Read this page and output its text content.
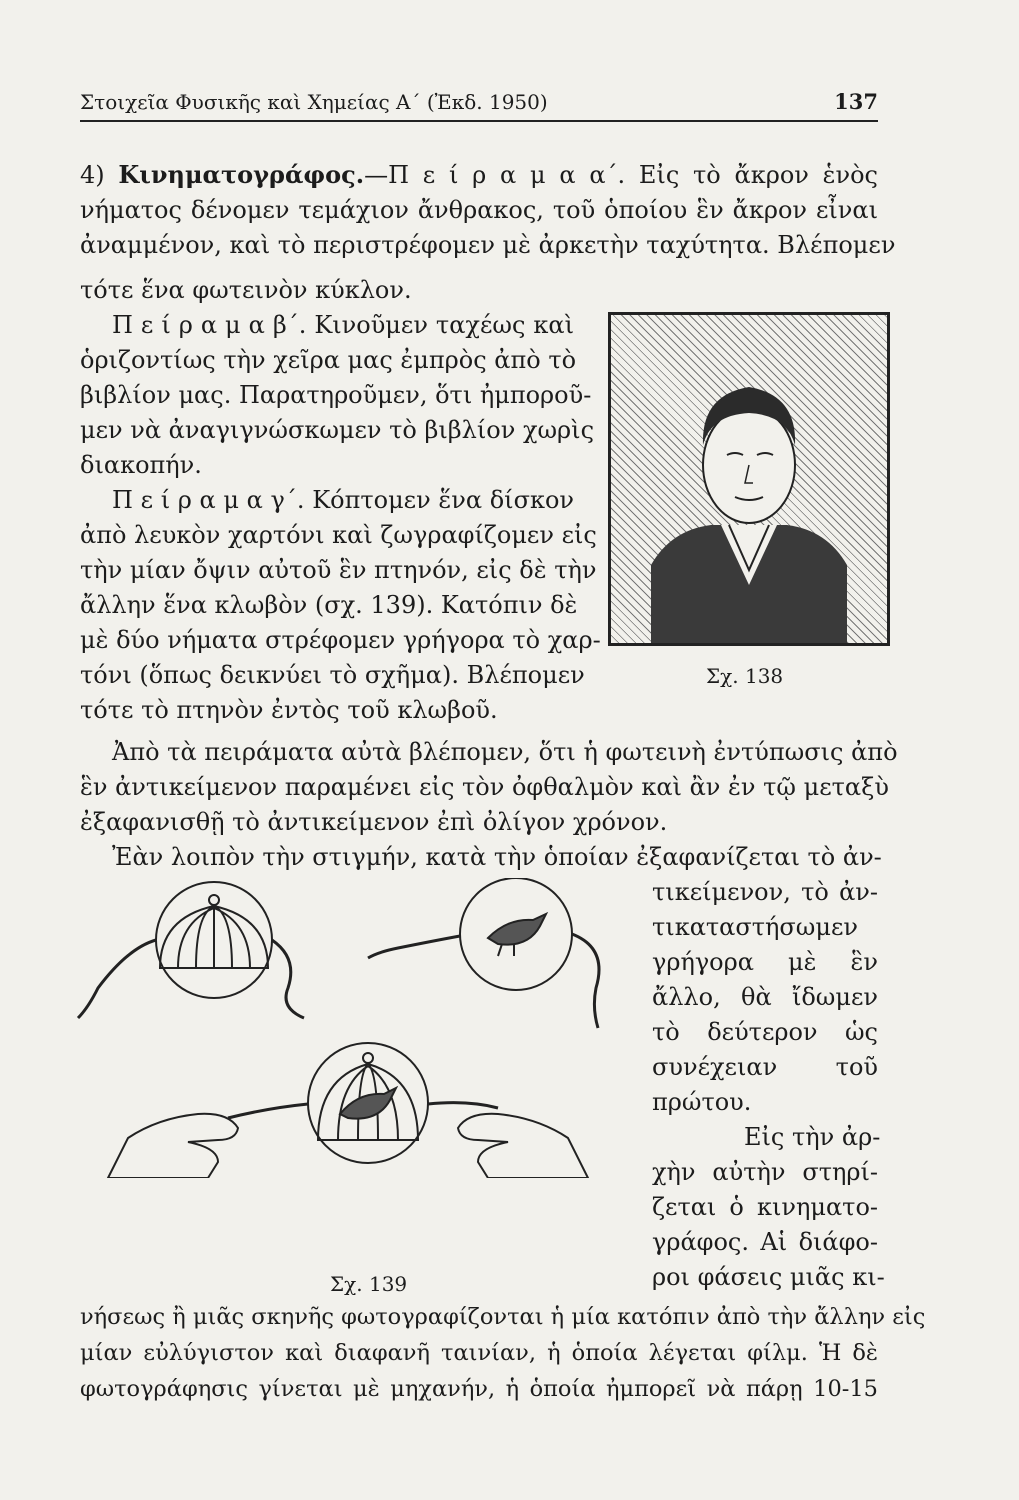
Στοιχεῖα Φυσικῆς καὶ Χημείας Α΄ (Ἐκδ. 1950)	137
4) Κινηματογράφος.—Π ε ί ρ α μ α α΄. Εἰς τὸ ἄκρον ἑνὸς
νήματος δένομεν τεμάχιον ἄνθρακος, τοῦ ὁποίου ἓν ἄκρον εἶναι
ἀναμμένον, καὶ τὸ περιστρέφομεν μὲ ἀρκετὴν ταχύτητα. Βλέπομεν
τότε ἕνα φωτεινὸν κύκλον.
Π ε ί ρ α μ α β΄. Κινοῦμεν ταχέως καὶ
ὁριζοντίως τὴν χεῖρα μας ἐμπρὸς ἀπὸ τὸ
βιβλίον μας. Παρατηροῦμεν, ὅτι ἠμποροῦ-
μεν νὰ ἀναγιγνώσκωμεν τὸ βιβλίον χωρὶς
διακοπήν.
Π ε ί ρ α μ α γ΄. Κόπτομεν ἕνα δίσκον
ἀπὸ λευκὸν χαρτόνι καὶ ζωγραφίζομεν εἰς
τὴν μίαν ὄψιν αὐτοῦ ἓν πτηνόν, εἰς δὲ τὴν
ἄλλην ἕνα κλωβὸν (σχ. 139). Κατόπιν δὲ
μὲ δύο νήματα στρέφομεν γρήγορα τὸ χαρ-
τόνι (ὅπως δεικνύει τὸ σχῆμα). Βλέπομεν
τότε τὸ πτηνὸν ἐντὸς τοῦ κλωβοῦ.
Σχ. 138
Ἀπὸ τὰ πειράματα αὐτὰ βλέπομεν, ὅτι ἡ φωτεινὴ ἐντύπωσις ἀπὸ
ἓν ἀντικείμενον παραμένει εἰς τὸν ὀφθαλμὸν καὶ ἂν ἐν τῷ μεταξὺ
ἐξαφανισθῇ τὸ ἀντικείμενον ἐπὶ ὀλίγον χρόνον.
Ἐὰν λοιπὸν τὴν στιγμήν, κατὰ τὴν ὁποίαν ἐξαφανίζεται τὸ ἀν-
τικείμενον, τὸ ἀν-
τικαταστήσωμεν
γρήγορα μὲ ἓν
ἄλλο, θὰ ἴδωμεν
τὸ δεύτερον ὡς
συνέχειαν τοῦ
πρώτου.
Εἰς τὴν ἀρ-
χὴν αὐτὴν στηρί-
ζεται ὁ κινηματο-
γράφος. Αἱ διάφο-
ροι φάσεις μιᾶς κι-
νήσεως ἢ μιᾶς σκηνῆς φωτογραφίζονται ἡ μία κατόπιν ἀπὸ τὴν ἄλλην εἰς
μίαν εὐλύγιστον καὶ διαφανῆ ταινίαν, ἡ ὁποία λέγεται φίλμ. Ἡ δὲ
φωτογράφησις γίνεται μὲ μηχανήν, ἡ ὁποία ἠμπορεῖ νὰ πάρῃ 10-15
Σχ. 139
